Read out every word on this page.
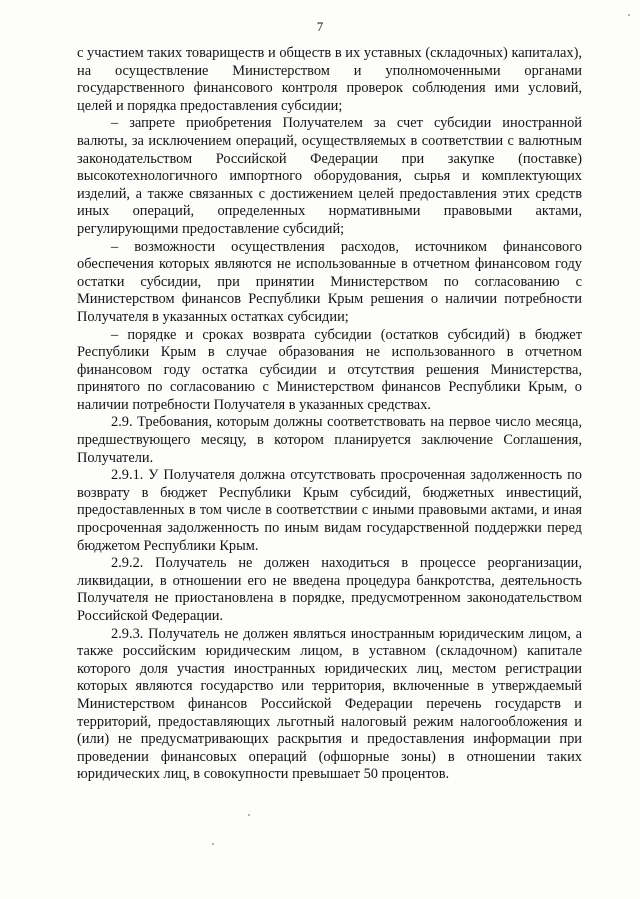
7

с участием таких товариществ и обществ в их уставных (складочных) капиталах), на осуществление Министерством и уполномоченными органами государственного финансового контроля проверок соблюдения ими условий, целей и порядка предоставления субсидии;

– запрете приобретения Получателем за счет субсидии иностранной валюты, за исключением операций, осуществляемых в соответствии с валютным законодательством Российской Федерации при закупке (поставке) высокотехнологичного импортного оборудования, сырья и комплектующих изделий, а также связанных с достижением целей предоставления этих средств иных операций, определенных нормативными правовыми актами, регулирующими предоставление субсидий;

– возможности осуществления расходов, источником финансового обеспечения которых являются не использованные в отчетном финансовом году остатки субсидии, при принятии Министерством по согласованию с Министерством финансов Республики Крым решения о наличии потребности Получателя в указанных остатках субсидии;

– порядке и сроках возврата субсидии (остатков субсидий) в бюджет Республики Крым в случае образования не использованного в отчетном финансовом году остатка субсидии и отсутствия решения Министерства, принятого по согласованию с Министерством финансов Республики Крым, о наличии потребности Получателя в указанных средствах.

2.9. Требования, которым должны соответствовать на первое число месяца, предшествующего месяцу, в котором планируется заключение Соглашения, Получатели.

2.9.1. У Получателя должна отсутствовать просроченная задолженность по возврату в бюджет Республики Крым субсидий, бюджетных инвестиций, предоставленных в том числе в соответствии с иными правовыми актами, и иная просроченная задолженность по иным видам государственной поддержки перед бюджетом Республики Крым.

2.9.2. Получатель не должен находиться в процессе реорганизации, ликвидации, в отношении его не введена процедура банкротства, деятельность Получателя не приостановлена в порядке, предусмотренном законодательством Российской Федерации.

2.9.3. Получатель не должен являться иностранным юридическим лицом, а также российским юридическим лицом, в уставном (складочном) капитале которого доля участия иностранных юридических лиц, местом регистрации которых являются государство или территория, включенные в утверждаемый Министерством финансов Российской Федерации перечень государств и территорий, предоставляющих льготный налоговый режим налогообложения и (или) не предусматривающих раскрытия и предоставления информации при проведении финансовых операций (офшорные зоны) в отношении таких юридических лиц, в совокупности превышает 50 процентов.
